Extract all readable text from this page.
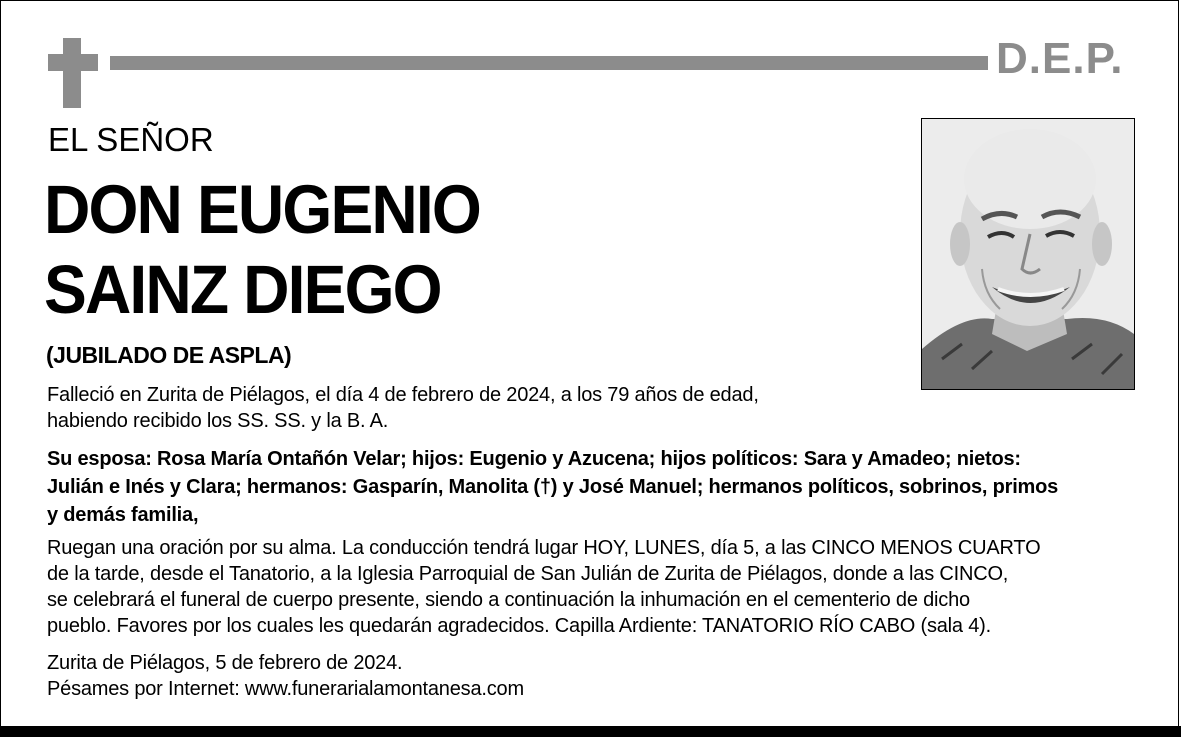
D.E.P.
EL SEÑOR
DON EUGENIO
SAINZ DIEGO
(JUBILADO DE ASPLA)
Falleció en Zurita de Piélagos, el día 4 de febrero de 2024, a los 79 años de edad,
habiendo recibido los SS. SS. y la B. A.
Su esposa: Rosa María Ontañón Velar; hijos: Eugenio y Azucena; hijos políticos: Sara y Amadeo; nietos:
Julián e Inés y Clara; hermanos: Gasparín, Manolita (†) y José Manuel; hermanos políticos, sobrinos, primos
y demás familia,
Ruegan una oración por su alma. La conducción tendrá lugar HOY, LUNES, día 5, a las CINCO MENOS CUARTO
de la tarde, desde el Tanatorio, a la Iglesia Parroquial de San Julián de Zurita de Piélagos, donde a las CINCO,
se celebrará el funeral de cuerpo presente, siendo a continuación la inhumación en el cementerio de dicho
pueblo. Favores por los cuales les quedarán agradecidos. Capilla Ardiente: TANATORIO RÍO CABO (sala 4).
Zurita de Piélagos, 5 de febrero de 2024.
Pésames por Internet: www.funerarialamontanesa.com
